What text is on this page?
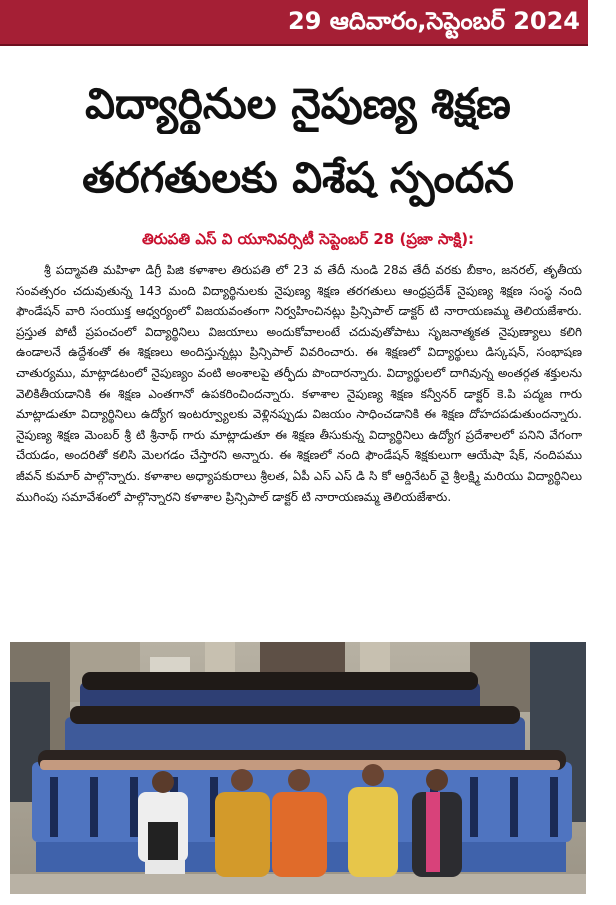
29 ఆదివారం,సెప్టెంబర్ 2024
విద్యార్థినుల నైపుణ్య శిక్షణ
తరగతులకు విశేష స్పందన
తిరుపతి ఎస్ వి యూనివర్సిటీ సెప్టెంబర్ 28 (ప్రజా సాక్షి):

శ్రీ పద్మావతి మహిళా డిగ్రీ పిజి కళాశాల తిరుపతి లో 23 వ తేదీ నుండి 28వ తేదీ వరకు బీకాం, జనరల్, తృతీయ సంవత్సరం చదువుతున్న 143 మంది విద్యార్థినులకు నైపుణ్య శిక్షణ తరగతులు ఆంధ్రప్రదేశ్ నైపుణ్య శిక్షణ సంస్థ నంది ఫౌండేషన్ వారి సంయుక్త ఆధ్వర్యంలో విజయవంతంగా నిర్వహించినట్లు ప్రిన్సిపాల్ డాక్టర్ టి నారాయణమ్మ తెలియజేశారు. ప్రస్తుత పోటీ ప్రపంచంలో విద్యార్థినిలు విజయాలు అందుకోవాలంటే చదువుతోపాటు సృజనాత్మకత నైపుణ్యాలు కలిగి ఉండాలనే ఉద్దేశంతో ఈ శిక్షణలు అందిస్తున్నట్లు ప్రిన్సిపాల్ వివరించారు. ఈ శిక్షణలో విద్యార్థులు డిస్కషన్, సంభాషణ చాతుర్యము, మాట్లాడటంలో నైపుణ్యం వంటి అంశాలపై తర్ఫీదు పొందారన్నారు. విద్యార్థులలో దాగివున్న అంతర్గత శక్తులను వెలికితీయడానికి ఈ శిక్షణ ఎంతగానో ఉపకరించిందన్నారు. కళాశాల నైపుణ్య శిక్షణ కన్వీనర్ డాక్టర్ కె.పి పద్మజ గారు మాట్లాడుతూ విద్యార్థినిలు ఉద్యోగ ఇంటర్వ్యూలకు వెళ్లినప్పుడు విజయం సాధించడానికి ఈ శిక్షణ దోహదపడుతుందన్నారు. నైపుణ్య శిక్షణ మెంబర్ శ్రీ టి శ్రీనాథ్ గారు మాట్లాడుతూ ఈ శిక్షణ తీసుకున్న విద్యార్థినిలు ఉద్యోగ ప్రదేశాలలో పనిని వేగంగా చేయడం, అందరితో కలిసి మెలగడం చేస్తారని అన్నారు. ఈ శిక్షణలో నంది ఫౌండేషన్ శిక్షకులుగా ఆయేషా షేక్, నందిపము జీవన్ కుమార్ పాల్గొన్నారు. కళాశాల అధ్యాపకురాలు శ్రీలత, ఏపీ ఎస్ ఎస్ డి సి కో ఆర్డినేటర్ వై శ్రీలక్ష్మి మరియు విద్యార్థినిలు ముగింపు సమావేశంలో పాల్గొన్నారని కళాశాల ప్రిన్సిపాల్ డాక్టర్ టి నారాయణమ్మ తెలియజేశారు.
